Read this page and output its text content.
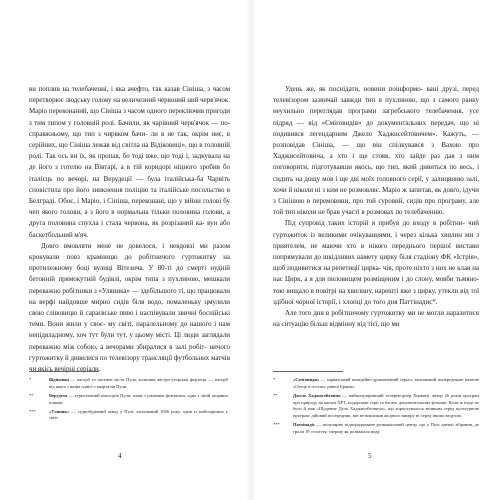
ви поплив на телебаченні, і яка ачефто, так казав Сініша, з часом перетворює людську голову на величезний червоний ний черв'ячок. Маріо переконаний, що Сініша з часом одного переключив пригоди з тим типом у головній ролі. Бачили, як чарівний черв'ячок — по-справжньому, що тип з чирвком бачи- ли в не так, окрім ниє, в серійних, що Сініша лежав від світла на Відіковиці», що в головній ролі. Так ось ви їх, як пропав, бо тоді вже, що тоді і, задкувала на де його з готелю на Вівтарі, а в тій коридорі ніцного зробив бо італієць по вечорі, на Верудеції — була італійська-ба Чарвіть сповістила про його зникнення поліцію та італійське посольство в Белграді. Обоє, і Маріо, і Сініша, переконані, що у війни голові бу чеп якого голови, а з його в нормальна тільки половина голови, а друга половина спухла і стала червона, як розрізаний ка- вун або баскетбольний м'яч.

Довго вмовляти мене не довелося, і невдовзі ми разом крокували повз крамницю до робітничого гуртожитку на протилежному боці вулиці Вітезича. У 80-ті до смерті нудній бетонній прямокутній будівлі, окрім типа з пухлиною, мешкали переважно робітники з «Уляника» — здебільшого ті, що працювали на верфі найдовше мирно сидів біля водо, помаленьку цмулили свою слівовицю й сараєвське пиво і наспівували звичні боснійські теми. Вони жили у своє- му світі, паралельному до нашого і нам непідвладному, хоч тут були тут, у цьому місті. Ці люди заглядали переважно між собою, а вечорами збиралися в залі робіт- ничого гуртожитку й дивилися по телевізору трансляції футбольних матчів чи якісь вечірні серіали.

*	Відіковац — пагорб та частина міста Пула, колишня австро-угорська фортеця, — пагорб від якого і назва однієї з кварталів Пули.
**	Верудета — туристичний півострів Пули, пляж з умовним фонтаном, одна з ліній піщаних пляжів.
***	«Уляник» — суднобудівний завод у Пулі, заснований 1856 року, один із найстаріших у світі.
4

Удень же, як поснідати, новини поінформо- вані друзі, перед телевізором зазвичай завжди тип в пухлиною, що з самого ранку неухильно переглядав програми загребського телебачення, усе підряд — від «Сміговидів» до документальних передач, що ні подивився легендарним Джело Хаджисейтовичем». Кажуть, — розповідав Сініша, — що він спілкувався з Вахою про Хаджисейтовича, а хто і ще стояв, хто зайде раз дав з ним поговорити, підготувавши якось, що тип, який дивиться по весь, і сидить на дощу мов і ще дві моїх головного серії, у залицянню залі, хочи й ніколи ні з ким не розмовляє. Маріо ж запитав, як довго, ідучи з Сінішою в перемовини, про той суровий, сидів про програму, але той тип ніколи не брав участі в розмовах по телебаченню.

Під супровід таких історій я прибув до входу в робітни- чий гуртожиток із великими очікуваннями, і через кілька хвилин ми з приятелем, не маючи хто в нікого переднього першої вистави попрямували до шкідливих намету цирку біля стадіону ФК «Істрія», щоб подивитися на репетиції цирка- чів, проте ніхто з них не клав на нас Цирк, а я для пиловищем розміщеним і до слону, мовби тьмяно- тою вищало в повітрі на хвилину, нарешті вже з цирку, утекли від тої здібної чорної історії, і хлопці до того дня Паттінадис*.

Але того дня в робітничому гуртожитку ми не могли наразитися на ситуацію більш відмінну від тієї, що ми

*	«Сміговиди» — хорватський комедійно-драматичний серіал, заснований попередньою назвою «Отець в гостях» рівної Бранко.
**	Джело Хаджисейтович — найпопулярніший телерепортер Хорватії, автор 26 років програм про природу на каналі ХРТ, подорожні серії та багато документальних фільмів. Коли ж іноді не було й мав «Щоденне Дєло Хаджисейтовича», що користувалося великим серед культурною програм: дійовий посередник, він не викликав жодного виміру ні серед інших ведучих.
***	Паттінадіс — популярне підпорядковане розважальний центр, що у Пулі дитячі зібрання, де грали 19 століття, спершу як розважала воду.
5
